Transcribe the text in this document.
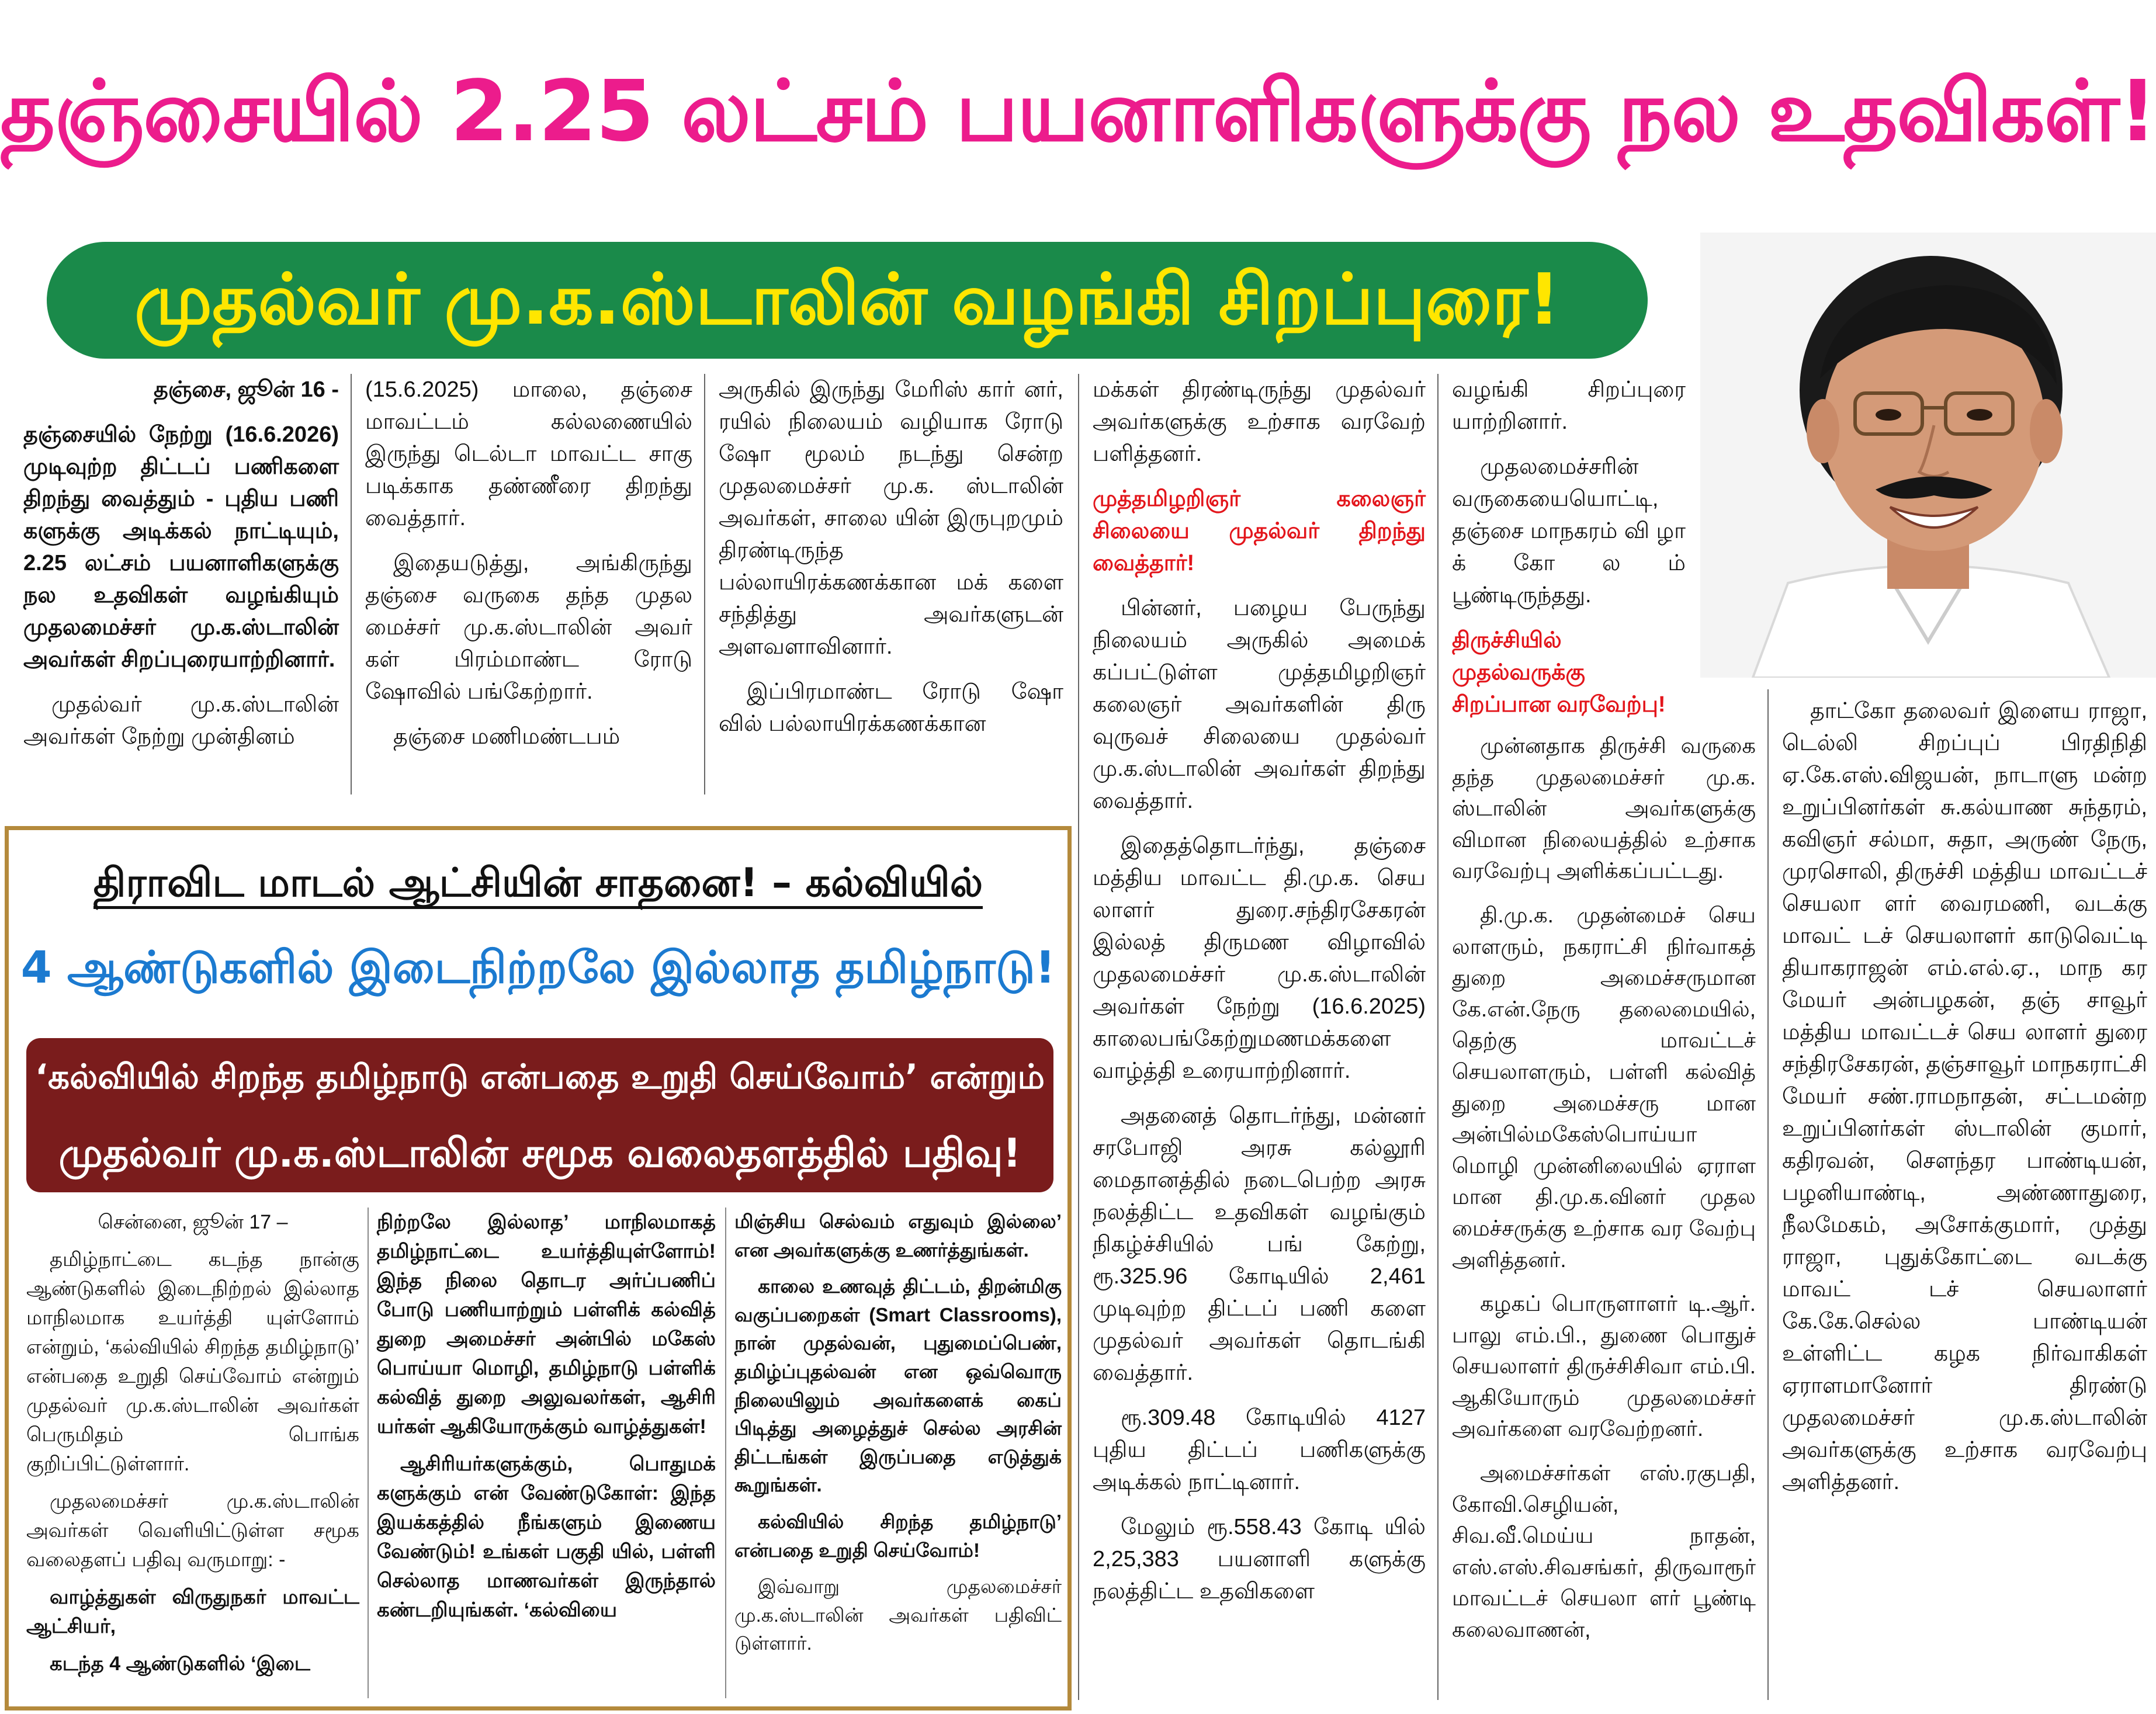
தஞ்சையில் 2.25 லட்சம் பயனாளிகளுக்கு நல உதவிகள்!
முதல்வர் மு.க.ஸ்டாலின் வழங்கி சிறப்புரை!

தஞ்சை, ஜூன் 16 -

தஞ்சையில் நேற்று (16.6.2026) முடிவுற்ற திட்டப் பணிகளை திறந்து வைத்தும் - புதிய பணி களுக்கு அடிக்கல் நாட்டியும், 2.25 லட்சம் பயனாளிகளுக்கு நல உதவிகள் வழங்கியும் முதலமைச்சர் மு.க.ஸ்டாலின் அவர்கள் சிறப்புரையாற்றினார்.

முதல்வர் மு.க.ஸ்டாலின் அவர்கள் நேற்று முன்தினம்

(15.6.2025) மாலை, தஞ்சை மாவட்டம் கல்லணையில் இருந்து டெல்டா மாவட்ட சாகு படிக்காக தண்ணீரை திறந்து வைத்தார்.

இதையடுத்து, அங்கிருந்து தஞ்சை வருகை தந்த முதல மைச்சர் மு.க.ஸ்டாலின் அவர் கள் பிரம்மாண்ட ரோடு ஷோவில் பங்கேற்றார்.

தஞ்சை மணிமண்டபம்

அருகில் இருந்து மேரிஸ் கார் னர், ரயில் நிலையம் வழியாக ரோடு ஷோ மூலம் நடந்து சென்ற முதலமைச்சர் மு.க. ஸ்டாலின் அவர்கள், சாலை யின் இருபுறமும் திரண்டிருந்த பல்லாயிரக்கணக்கான மக் களை சந்தித்து அவர்களுடன் அளவளாவினார்.

இப்பிரமாண்ட ரோடு ஷோ வில் பல்லாயிரக்கணக்கான

மக்கள் திரண்டிருந்து முதல்வர் அவர்களுக்கு உற்சாக வரவேற் பளித்தனர்.

முத்தமிழறிஞர் கலைஞர் சிலையை முதல்வர் திறந்து வைத்தார்!

பின்னர், பழைய பேருந்து நிலையம் அருகில் அமைக் கப்பட்டுள்ள முத்தமிழறிஞர் கலைஞர் அவர்களின் திரு வுருவச் சிலையை முதல்வர் மு.க.ஸ்டாலின் அவர்கள் திறந்து வைத்தார்.

இதைத்தொடர்ந்து, தஞ்சை மத்திய மாவட்ட தி.மு.க. செய லாளர் துரை.சந்திரசேகரன் இல்லத் திருமண விழாவில் முதலமைச்சர் மு.க.ஸ்டாலின் அவர்கள் நேற்று (16.6.2025) காலைபங்கேற்றுமணமக்களை வாழ்த்தி உரையாற்றினார்.

அதனைத் தொடர்ந்து, மன்னர் சரபோஜி அரசு கல்லூரி மைதானத்தில் நடைபெற்ற அரசு நலத்திட்ட உதவிகள் வழங்கும் நிகழ்ச்சியில் பங் கேற்று, ரூ.325.96 கோடியில் 2,461 முடிவுற்ற திட்டப் பணி களை முதல்வர் அவர்கள் தொடங்கி வைத்தார்.

ரூ.309.48 கோடியில் 4127 புதிய திட்டப் பணிகளுக்கு அடிக்கல் நாட்டினார்.

மேலும் ரூ.558.43 கோடி யில் 2,25,383 பயனாளி களுக்கு நலத்திட்ட உதவிகளை

வழங்கி சிறப்புரை யாற்றினார்.

முதலமைச்சரின் வருகையையொட்டி, தஞ்சை மாநகரம் வி ழா க் கோ ல ம் பூண்டிருந்தது.

திருச்சியில் முதல்வருக்கு சிறப்பான வரவேற்பு!

முன்னதாக திருச்சி வருகை தந்த முதலமைச்சர் மு.க. ஸ்டாலின் அவர்களுக்கு விமான நிலையத்தில் உற்சாக வரவேற்பு அளிக்கப்பட்டது.

தி.மு.க. முதன்மைச் செய லாளரும், நகராட்சி நிர்வாகத் துறை அமைச்சருமான கே.என்.நேரு தலைமையில், தெற்கு மாவட்டச் செயலாளரும், பள்ளி கல்வித் துறை அமைச்சரு மான அன்பில்மகேஸ்பொய்யா மொழி முன்னிலையில் ஏராள மான தி.மு.க.வினர் முதல மைச்சருக்கு உற்சாக வர வேற்பு அளித்தனர்.

கழகப் பொருளாளர் டி.ஆர். பாலு எம்.பி., துணை பொதுச் செயலாளர் திருச்சிசிவா எம்.பி. ஆகியோரும் முதலமைச்சர் அவர்களை வரவேற்றனர்.

அமைச்சர்கள் எஸ்.ரகுபதி, கோவி.செழியன், சிவ.வீ.மெய்ய நாதன், எஸ்.எஸ்.சிவசங்கர், திருவாரூர் மாவட்டச் செயலா ளர் பூண்டி கலைவாணன்,

தாட்கோ தலைவர் இளைய ராஜா, டெல்லி சிறப்புப் பிரதிநிதி ஏ.கே.எஸ்.விஜயன், நாடாளு மன்ற உறுப்பினர்கள் சு.கல்யாண சுந்தரம், கவிஞர் சல்மா, சுதா, அருண் நேரு, முரசொலி, திருச்சி மத்திய மாவட்டச் செயலா ளர் வைரமணி, வடக்கு மாவட் டச் செயலாளர் காடுவெட்டி தியாகராஜன் எம்.எல்.ஏ., மாந கர மேயர் அன்பழகன், தஞ் சாவூர் மத்திய மாவட்டச் செய லாளர் துரை சந்திரசேகரன், தஞ்சாவூர் மாநகராட்சி மேயர் சண்.ராமநாதன், சட்டமன்ற உறுப்பினர்கள் ஸ்டாலின் குமார், கதிரவன், சௌந்தர பாண்டியன், பழனியாண்டி, அண்ணாதுரை, நீலமேகம், அசோக்குமார், முத்து ராஜா, புதுக்கோட்டை வடக்கு மாவட் டச் செயலாளர் கே.கே.செல்ல பாண்டியன் உள்ளிட்ட கழக நிர்வாகிகள் ஏராளமானோர் திரண்டு முதலமைச்சர் மு.க.ஸ்டாலின் அவர்களுக்கு உற்சாக வரவேற்பு அளித்தனர்.

திராவிட மாடல் ஆட்சியின் சாதனை! – கல்வியில்
4 ஆண்டுகளில் இடைநிற்றலே இல்லாத தமிழ்நாடு!
‘கல்வியில் சிறந்த தமிழ்நாடு என்பதை உறுதி செய்வோம்’ என்றும்
முதல்வர் மு.க.ஸ்டாலின் சமூக வலைதளத்தில் பதிவு!

சென்னை, ஜூன் 17 –

தமிழ்நாட்டை கடந்த நான்கு ஆண்டுகளில் இடைநிற்றல் இல்லாத மாநிலமாக உயர்த்தி யுள்ளோம் என்றும், ‘கல்வியில் சிறந்த தமிழ்நாடு’ என்பதை உறுதி செய்வோம் என்றும் முதல்வர் மு.க.ஸ்டாலின் அவர்கள் பெருமிதம் பொங்க குறிப்பிட்டுள்ளார்.

முதலமைச்சர் மு.க.ஸ்டாலின் அவர்கள் வெளியிட்டுள்ள சமூக வலைதளப் பதிவு வருமாறு: -

வாழ்த்துகள் விருதுநகர் மாவட்ட ஆட்சியர்,

கடந்த 4 ஆண்டுகளில் ‘இடை

நிற்றலே இல்லாத’ மாநிலமாகத் தமிழ்நாட்டை உயர்த்தியுள்ளோம்! இந்த நிலை தொடர அர்ப்பணிப் போடு பணியாற்றும் பள்ளிக் கல்வித் துறை அமைச்சர் அன்பில் மகேஸ் பொய்யா மொழி, தமிழ்நாடு பள்ளிக் கல்வித் துறை அலுவலர்கள், ஆசிரி யர்கள் ஆகியோருக்கும் வாழ்த்துகள்!

ஆசிரியர்களுக்கும், பொதுமக் களுக்கும் என் வேண்டுகோள்: இந்த இயக்கத்தில் நீங்களும் இணைய வேண்டும்! உங்கள் பகுதி யில், பள்ளி செல்லாத மாணவர்கள் இருந்தால் கண்டறியுங்கள். ‘கல்வியை

மிஞ்சிய செல்வம் எதுவும் இல்லை’ என அவர்களுக்கு உணர்த்துங்கள்.

காலை உணவுத் திட்டம், திறன்மிகு வகுப்பறைகள் (Smart Classrooms), நான் முதல்வன், புதுமைப்பெண், தமிழ்ப்புதல்வன் என ஒவ்வொரு நிலையிலும் அவர்களைக் கைப் பிடித்து அழைத்துச் செல்ல அரசின் திட்டங்கள் இருப்பதை எடுத்துக் கூறுங்கள்.

கல்வியில் சிறந்த தமிழ்நாடு’ என்பதை உறுதி செய்வோம்!

இவ்வாறு முதலமைச்சர் மு.க.ஸ்டாலின் அவர்கள் பதிவிட் டுள்ளார்.
